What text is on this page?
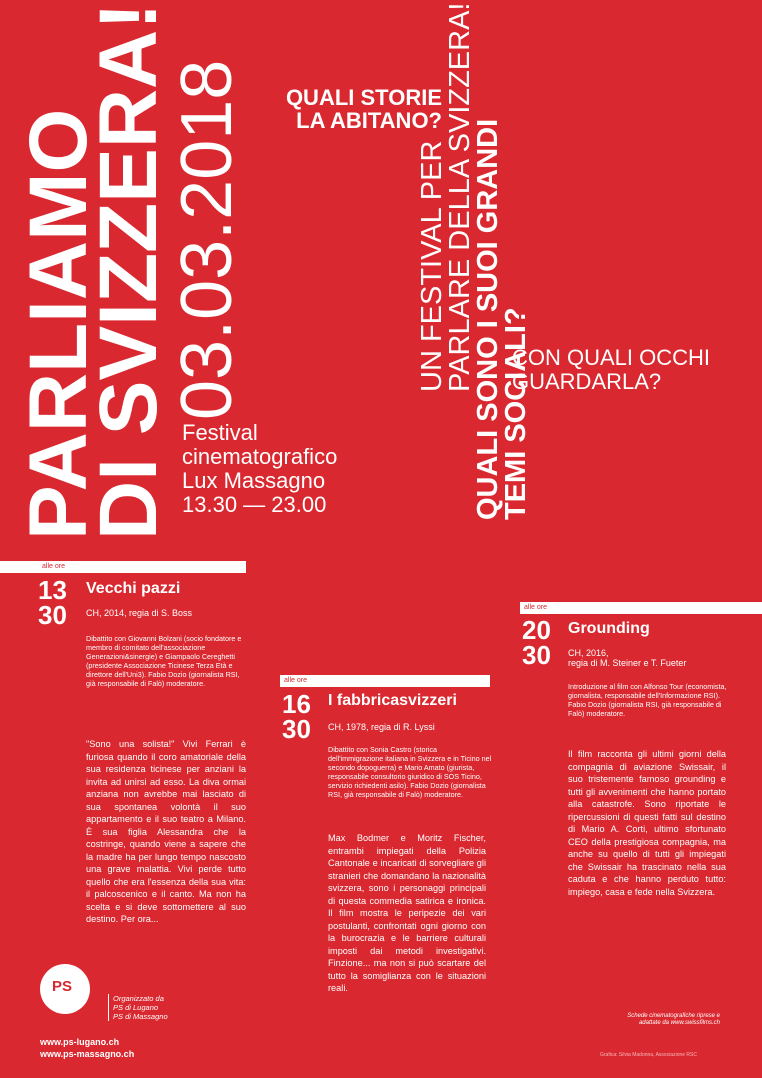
PARLIAMO
DI SVIZZERA!
03.03.2018	UN FESTIVAL PER
PARLARE DELLA SVIZZERA!
QUALI SONO I SUOI GRANDI
TEMI SOCIALI?
QUALI STORIE
LA ABITANO?
CON QUALI OCCHI
GUARDARLA?
Festival
cinematografico
Lux Massagno
13.30 — 23.00
alle ore
13
30
Vecchi pazzi
CH, 2014, regia di S. Boss
Dibattito con Giovanni Bolzani (socio fondatore e membro di comitato dell'associazione Generazioni&sinergie) e Giampaolo Cereghetti (presidente Associazione Ticinese Terza Età e direttore dell'Uni3). Fabio Dozio (giornalista RSI, già responsabile di Falò) moderatore.
"Sono una solista!" Vivi Ferrari è furiosa quando il coro amatoriale della sua residenza ticinese per anziani la invita ad unirsi ad esso. La diva ormai anziana non avrebbe mai lasciato di sua spontanea volontà il suo appartamento e il suo teatro a Milano. È sua figlia Alessandra che la costringe, quando viene a sapere che la madre ha per lungo tempo nascosto una grave malattia. Vivi perde tutto quello che era l'essenza della sua vita: il palcoscenico e il canto. Ma non ha scelta e si deve sottomettere al suo destino. Per ora...
alle ore
16
30
I fabbricasvizzeri
CH, 1978, regia di R. Lyssi
Dibattito con Sonia Castro (storica dell'immigrazione italiana in Svizzera e in Ticino nel secondo dopoguerra) e Mario Amato (giurista, responsabile consultorio giuridico di SOS Ticino, servizio richiedenti asilo). Fabio Dozio (giornalista RSI, già responsabile di Falò) moderatore.
Max Bodmer e Moritz Fischer, entrambi impiegati della Polizia Cantonale e incaricati di sorvegliare gli stranieri che domandano la nazionalità svizzera, sono i personaggi principali di questa commedia satirica e ironica. Il film mostra le peripezie dei vari postulanti, confrontati ogni giorno con la burocrazia e le barriere culturali imposti dai metodi investigativi. Finzione... ma non si può scartare del tutto la somiglianza con le situazioni reali.
alle ore
20
30
Grounding
CH, 2016,
regia di M. Steiner e T. Fueter
Introduzione al film con Alfonso Tour (economista, giornalista, responsabile dell'Informazione RSI). Fabio Dozio (giornalista RSI, già responsabile di Falò) moderatore.
Il film racconta gli ultimi giorni della compagnia di aviazione Swissair, il suo tristemente famoso grounding e tutti gli avvenimenti che hanno portato alla catastrofe. Sono riportate le ripercussioni di questi fatti sul destino di Mario A. Corti, ultimo sfortunato CEO della prestigiosa compagnia, ma anche su quello di tutti gli impiegati che Swissair ha trascinato nella sua caduta e che hanno perduto tutto: impiego, casa e fede nella Svizzera.
PS
Organizzato da
PS di Lugano
PS di Massagno
www.ps-lugano.ch
www.ps-massagno.ch
Schede cinematografiche riprese e
adattate da www.swissfilms.ch
Grafica: Silvia Madonna, Associazione RSC
